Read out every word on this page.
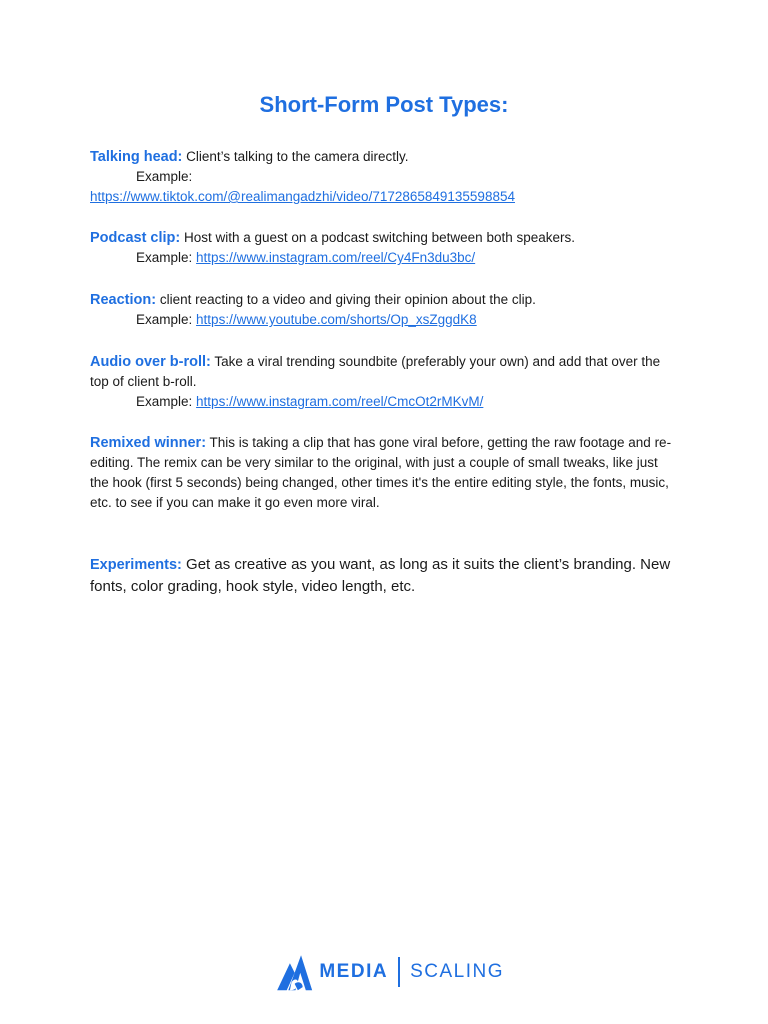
Short-Form Post Types:

Talking head: Client’s talking to the camera directly.

Example:

https://www.tiktok.com/@realimangadzhi/video/7172865849135598854

Podcast clip: Host with a guest on a podcast switching between both speakers.

Example: https://www.instagram.com/reel/Cy4Fn3du3bc/

Reaction: client reacting to a video and giving their opinion about the clip.

Example: https://www.youtube.com/shorts/Op_xsZggdK8

Audio over b-roll: Take a viral trending soundbite (preferably your own) and add that over the top of client b-roll.

Example: https://www.instagram.com/reel/CmcOt2rMKvM/

Remixed winner: This is taking a clip that has gone viral before, getting the raw footage and re-editing. The remix can be very similar to the original, with just a couple of small tweaks, like just the hook (first 5 seconds) being changed, other times it's the entire editing style, the fonts, music, etc. to see if you can make it go even more viral.

Experiments: Get as creative as you want, as long as it suits the client’s branding. New fonts, color grading, hook style, video length, etc.

MEDIA SCALING
